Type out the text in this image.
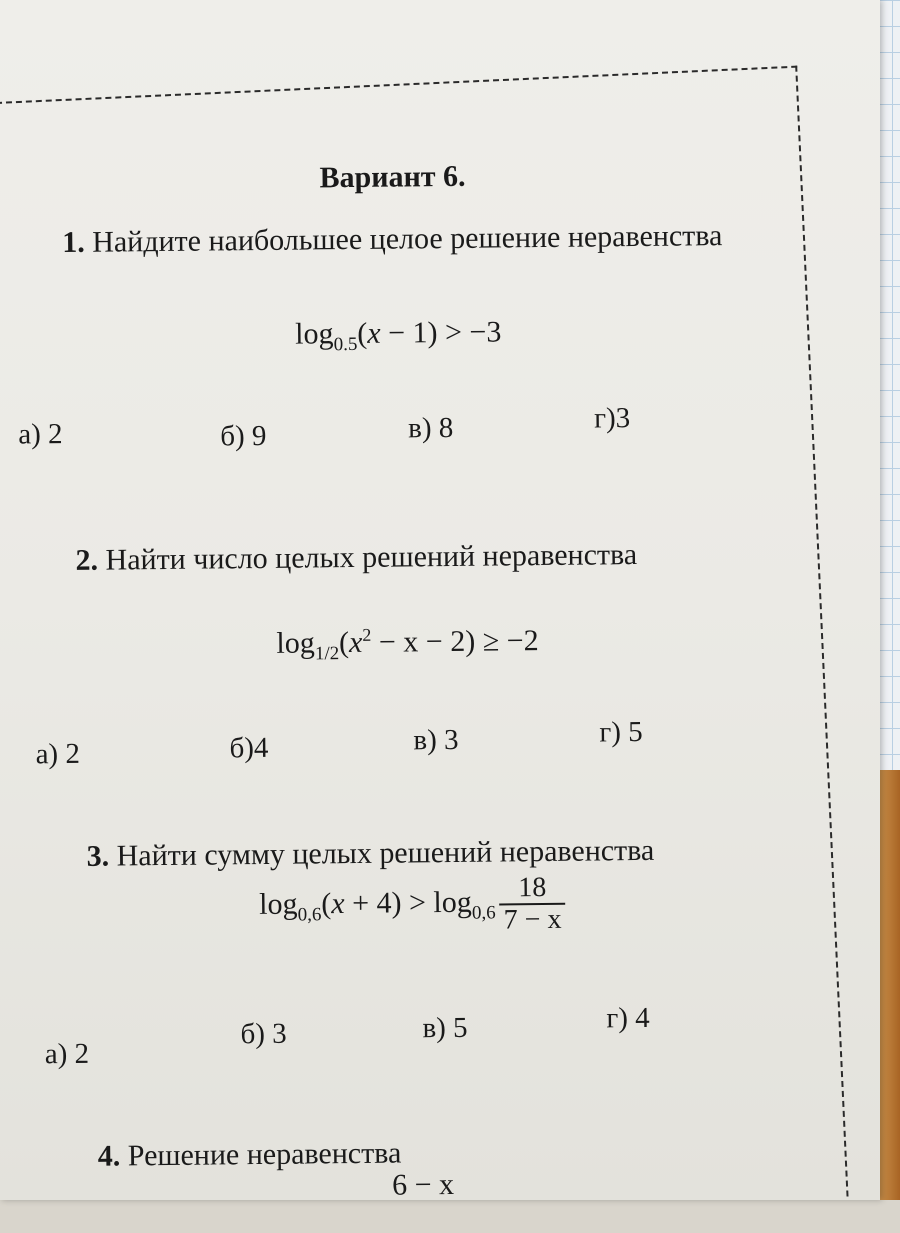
Вариант 6.
1. Найдите наибольшее целое решение неравенства
$\log_{0.5}(x - 1) > -3$
а) 2	б) 9	в) 8	г)3
2. Найти число целых решений неравенства
$\log_{1/2}(x^2 - x - 2) \ge -2$
а) 2	б)4	в) 3	г) 5
3. Найти сумму целых решений неравенства
$\log_{0,6}(x + 4) > \log_{0,6} \frac{18}{7 - x}$
а) 2
б) 3	в) 5	г) 4
4. Решение неравенства
6 − x
